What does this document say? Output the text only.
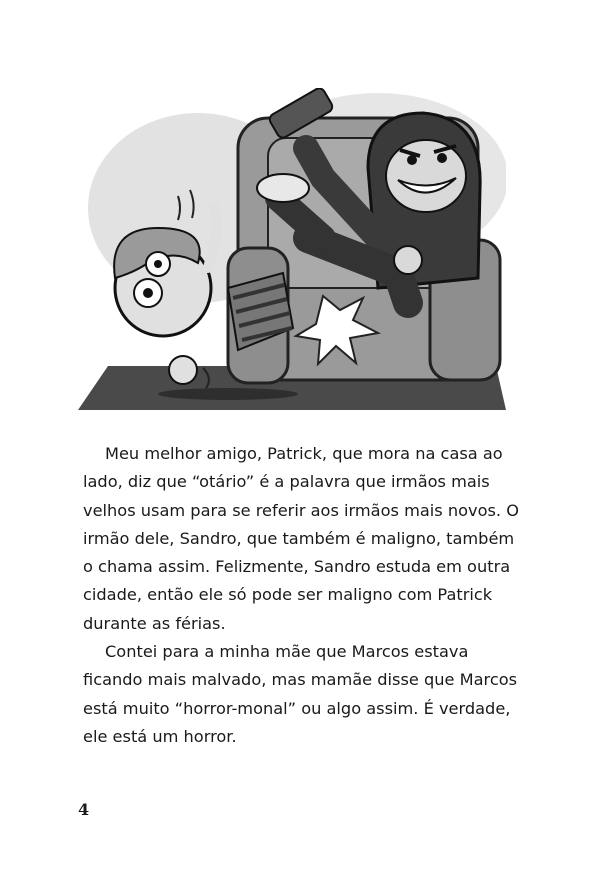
Meu melhor amigo, Patrick, que mora na casa ao
lado, diz que “otário” é a palavra que irmãos mais
velhos usam para se referir aos irmãos mais novos. O
irmão dele, Sandro, que também é maligno, também
o chama assim. Felizmente, Sandro estuda em outra
cidade, então ele só pode ser maligno com Patrick
durante as férias.
Contei para a minha mãe que Marcos estava
ficando mais malvado, mas mamãe disse que Marcos
está muito “horror-monal” ou algo assim. É verdade,
ele está um horror.
4
